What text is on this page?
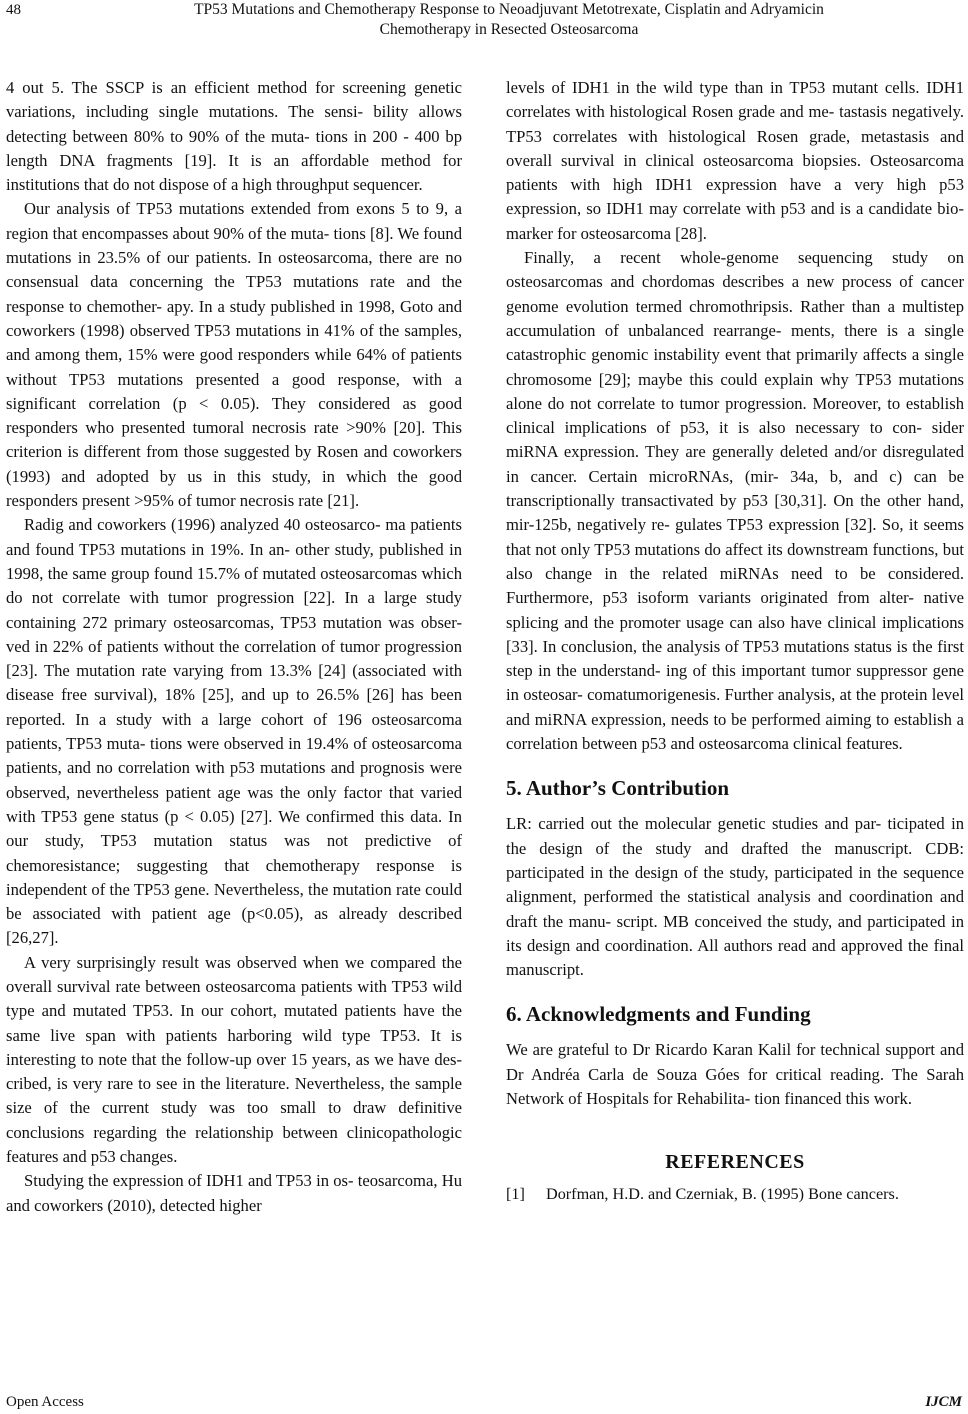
48	TP53 Mutations and Chemotherapy Response to Neoadjuvant Metotrexate, Cisplatin and Adryamicin
Chemotherapy in Resected Osteosarcoma

4 out 5. The SSCP is an efficient method for screening genetic variations, including single mutations. The sensi- bility allows detecting between 80% to 90% of the muta- tions in 200 - 400 bp length DNA fragments [19]. It is an affordable method for institutions that do not dispose of a high throughput sequencer.

Our analysis of TP53 mutations extended from exons 5 to 9, a region that encompasses about 90% of the muta- tions [8]. We found mutations in 23.5% of our patients. In osteosarcoma, there are no consensual data concerning the TP53 mutations rate and the response to chemother- apy. In a study published in 1998, Goto and coworkers (1998) observed TP53 mutations in 41% of the samples, and among them, 15% were good responders while 64% of patients without TP53 mutations presented a good response, with a significant correlation (p < 0.05). They considered as good responders who presented tumoral necrosis rate >90% [20]. This criterion is different from those suggested by Rosen and coworkers (1993) and adopted by us in this study, in which the good responders present >95% of tumor necrosis rate [21].

Radig and coworkers (1996) analyzed 40 osteosarco- ma patients and found TP53 mutations in 19%. In an- other study, published in 1998, the same group found 15.7% of mutated osteosarcomas which do not correlate with tumor progression [22]. In a large study containing 272 primary osteosarcomas, TP53 mutation was obser- ved in 22% of patients without the correlation of tumor progression [23]. The mutation rate varying from 13.3% [24] (associated with disease free survival), 18% [25], and up to 26.5% [26] has been reported. In a study with a large cohort of 196 osteosarcoma patients, TP53 muta- tions were observed in 19.4% of osteosarcoma patients, and no correlation with p53 mutations and prognosis were observed, nevertheless patient age was the only factor that varied with TP53 gene status (p < 0.05) [27]. We confirmed this data. In our study, TP53 mutation status was not predictive of chemoresistance; suggesting that chemotherapy response is independent of the TP53 gene. Nevertheless, the mutation rate could be associated with patient age (p<0.05), as already described [26,27].

A very surprisingly result was observed when we compared the overall survival rate between osteosarcoma patients with TP53 wild type and mutated TP53. In our cohort, mutated patients have the same live span with patients harboring wild type TP53. It is interesting to note that the follow-up over 15 years, as we have des- cribed, is very rare to see in the literature. Nevertheless, the sample size of the current study was too small to draw definitive conclusions regarding the relationship between clinicopathologic features and p53 changes.

Studying the expression of IDH1 and TP53 in os- teosarcoma, Hu and coworkers (2010), detected higher

levels of IDH1 in the wild type than in TP53 mutant cells. IDH1 correlates with histological Rosen grade and me- tastasis negatively. TP53 correlates with histological Rosen grade, metastasis and overall survival in clinical osteosarcoma biopsies. Osteosarcoma patients with high IDH1 expression have a very high p53 expression, so IDH1 may correlate with p53 and is a candidate bio- marker for osteosarcoma [28].

Finally, a recent whole-genome sequencing study on osteosarcomas and chordomas describes a new process of cancer genome evolution termed chromothripsis. Rather than a multistep accumulation of unbalanced rearrange- ments, there is a single catastrophic genomic instability event that primarily affects a single chromosome [29]; maybe this could explain why TP53 mutations alone do not correlate to tumor progression. Moreover, to establish clinical implications of p53, it is also necessary to con- sider miRNA expression. They are generally deleted and/or disregulated in cancer. Certain microRNAs, (mir- 34a, b, and c) can be transcriptionally transactivated by p53 [30,31]. On the other hand, mir-125b, negatively re- gulates TP53 expression [32]. So, it seems that not only TP53 mutations do affect its downstream functions, but also change in the related miRNAs need to be considered. Furthermore, p53 isoform variants originated from alter- native splicing and the promoter usage can also have clinical implications [33]. In conclusion, the analysis of TP53 mutations status is the first step in the understand- ing of this important tumor suppressor gene in osteosar- comatumorigenesis. Further analysis, at the protein level and miRNA expression, needs to be performed aiming to establish a correlation between p53 and osteosarcoma clinical features.

5. Author’s Contribution

LR: carried out the molecular genetic studies and par- ticipated in the design of the study and drafted the manuscript. CDB: participated in the design of the study, participated in the sequence alignment, performed the statistical analysis and coordination and draft the manu- script. MB conceived the study, and participated in its design and coordination. All authors read and approved the final manuscript.

6. Acknowledgments and Funding

We are grateful to Dr Ricardo Karan Kalil for technical support and Dr Andréa Carla de Souza Góes for critical reading. The Sarah Network of Hospitals for Rehabilita- tion financed this work.

REFERENCES
[1]	Dorfman, H.D. and Czerniak, B. (1995) Bone cancers.
Open Access	IJCM
